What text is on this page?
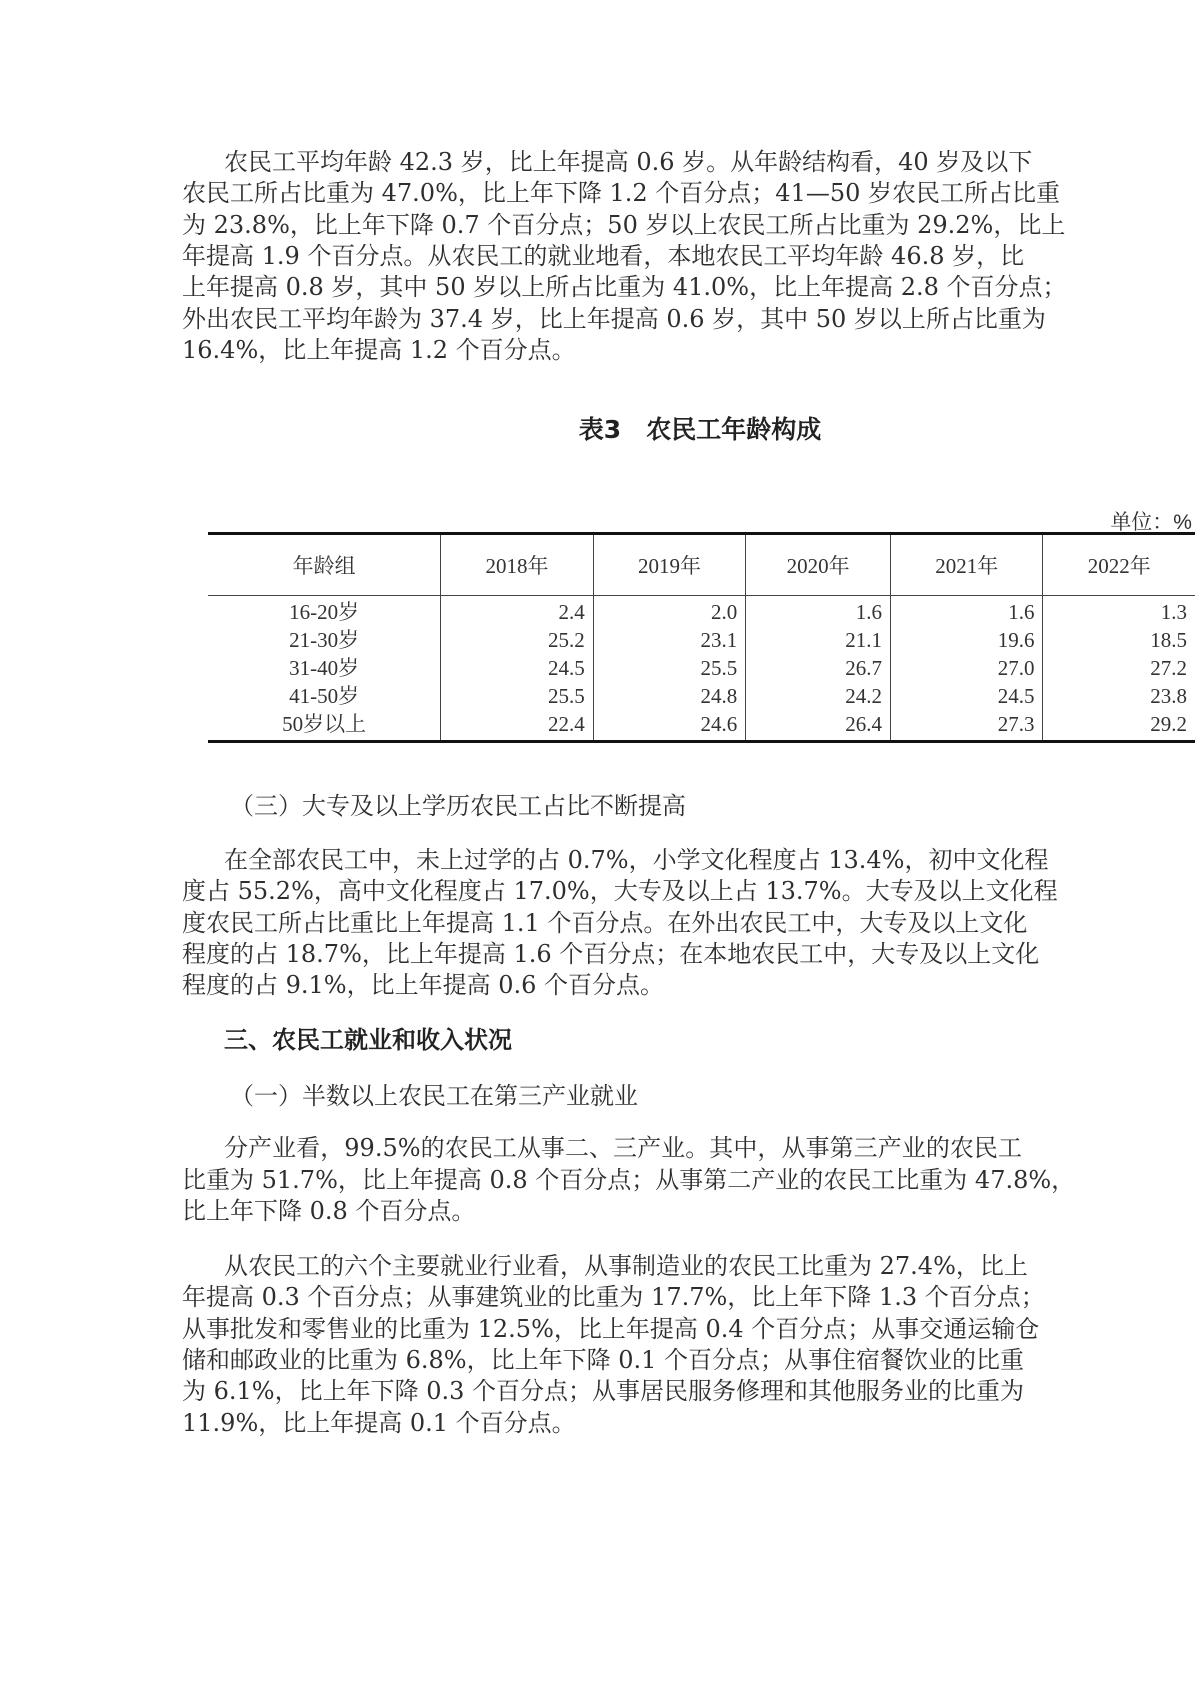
农民工平均年龄 42.3 岁，比上年提高 0.6 岁。从年龄结构看，40 岁及以下
农民工所占比重为 47.0%，比上年下降 1.2 个百分点；41—50 岁农民工所占比重
为 23.8%，比上年下降 0.7 个百分点；50 岁以上农民工所占比重为 29.2%，比上
年提高 1.9 个百分点。从农民工的就业地看，本地农民工平均年龄 46.8 岁，比
上年提高 0.8 岁，其中 50 岁以上所占比重为 41.0%，比上年提高 2.8 个百分点；
外出农民工平均年龄为 37.4 岁，比上年提高 0.6 岁，其中 50 岁以上所占比重为
16.4%，比上年提高 1.2 个百分点。
在全部农民工中，未上过学的占 0.7%，小学文化程度占 13.4%，初中文化程
度占 55.2%，高中文化程度占 17.0%，大专及以上占 13.7%。大专及以上文化程
度农民工所占比重比上年提高 1.1 个百分点。在外出农民工中，大专及以上文化
程度的占 18.7%，比上年提高 1.6 个百分点；在本地农民工中，大专及以上文化
程度的占 9.1%，比上年提高 0.6 个百分点。
分产业看，99.5%的农民工从事二、三产业。其中，从事第三产业的农民工
比重为 51.7%，比上年提高 0.8 个百分点；从事第二产业的农民工比重为 47.8%，
比上年下降 0.8 个百分点。
从农民工的六个主要就业行业看，从事制造业的农民工比重为 27.4%，比上
年提高 0.3 个百分点；从事建筑业的比重为 17.7%，比上年下降 1.3 个百分点；
从事批发和零售业的比重为 12.5%，比上年提高 0.4 个百分点；从事交通运输仓
储和邮政业的比重为 6.8%，比上年下降 0.1 个百分点；从事住宿餐饮业的比重
为 6.1%，比上年下降 0.3 个百分点；从事居民服务修理和其他服务业的比重为
11.9%，比上年提高 0.1 个百分点。
表3　农民工年龄构成
单位：%
年龄组	2018年	2019年	2020年	2021年	2022年
16-20岁	2.4	2.0	1.6	1.6	1.3
21-30岁	25.2	23.1	21.1	19.6	18.5
31-40岁	24.5	25.5	26.7	27.0	27.2
41-50岁	25.5	24.8	24.2	24.5	23.8
50岁以上	22.4	24.6	26.4	27.3	29.2
（三）大专及以上学历农民工占比不断提高
三、农民工就业和收入状况
（一）半数以上农民工在第三产业就业
